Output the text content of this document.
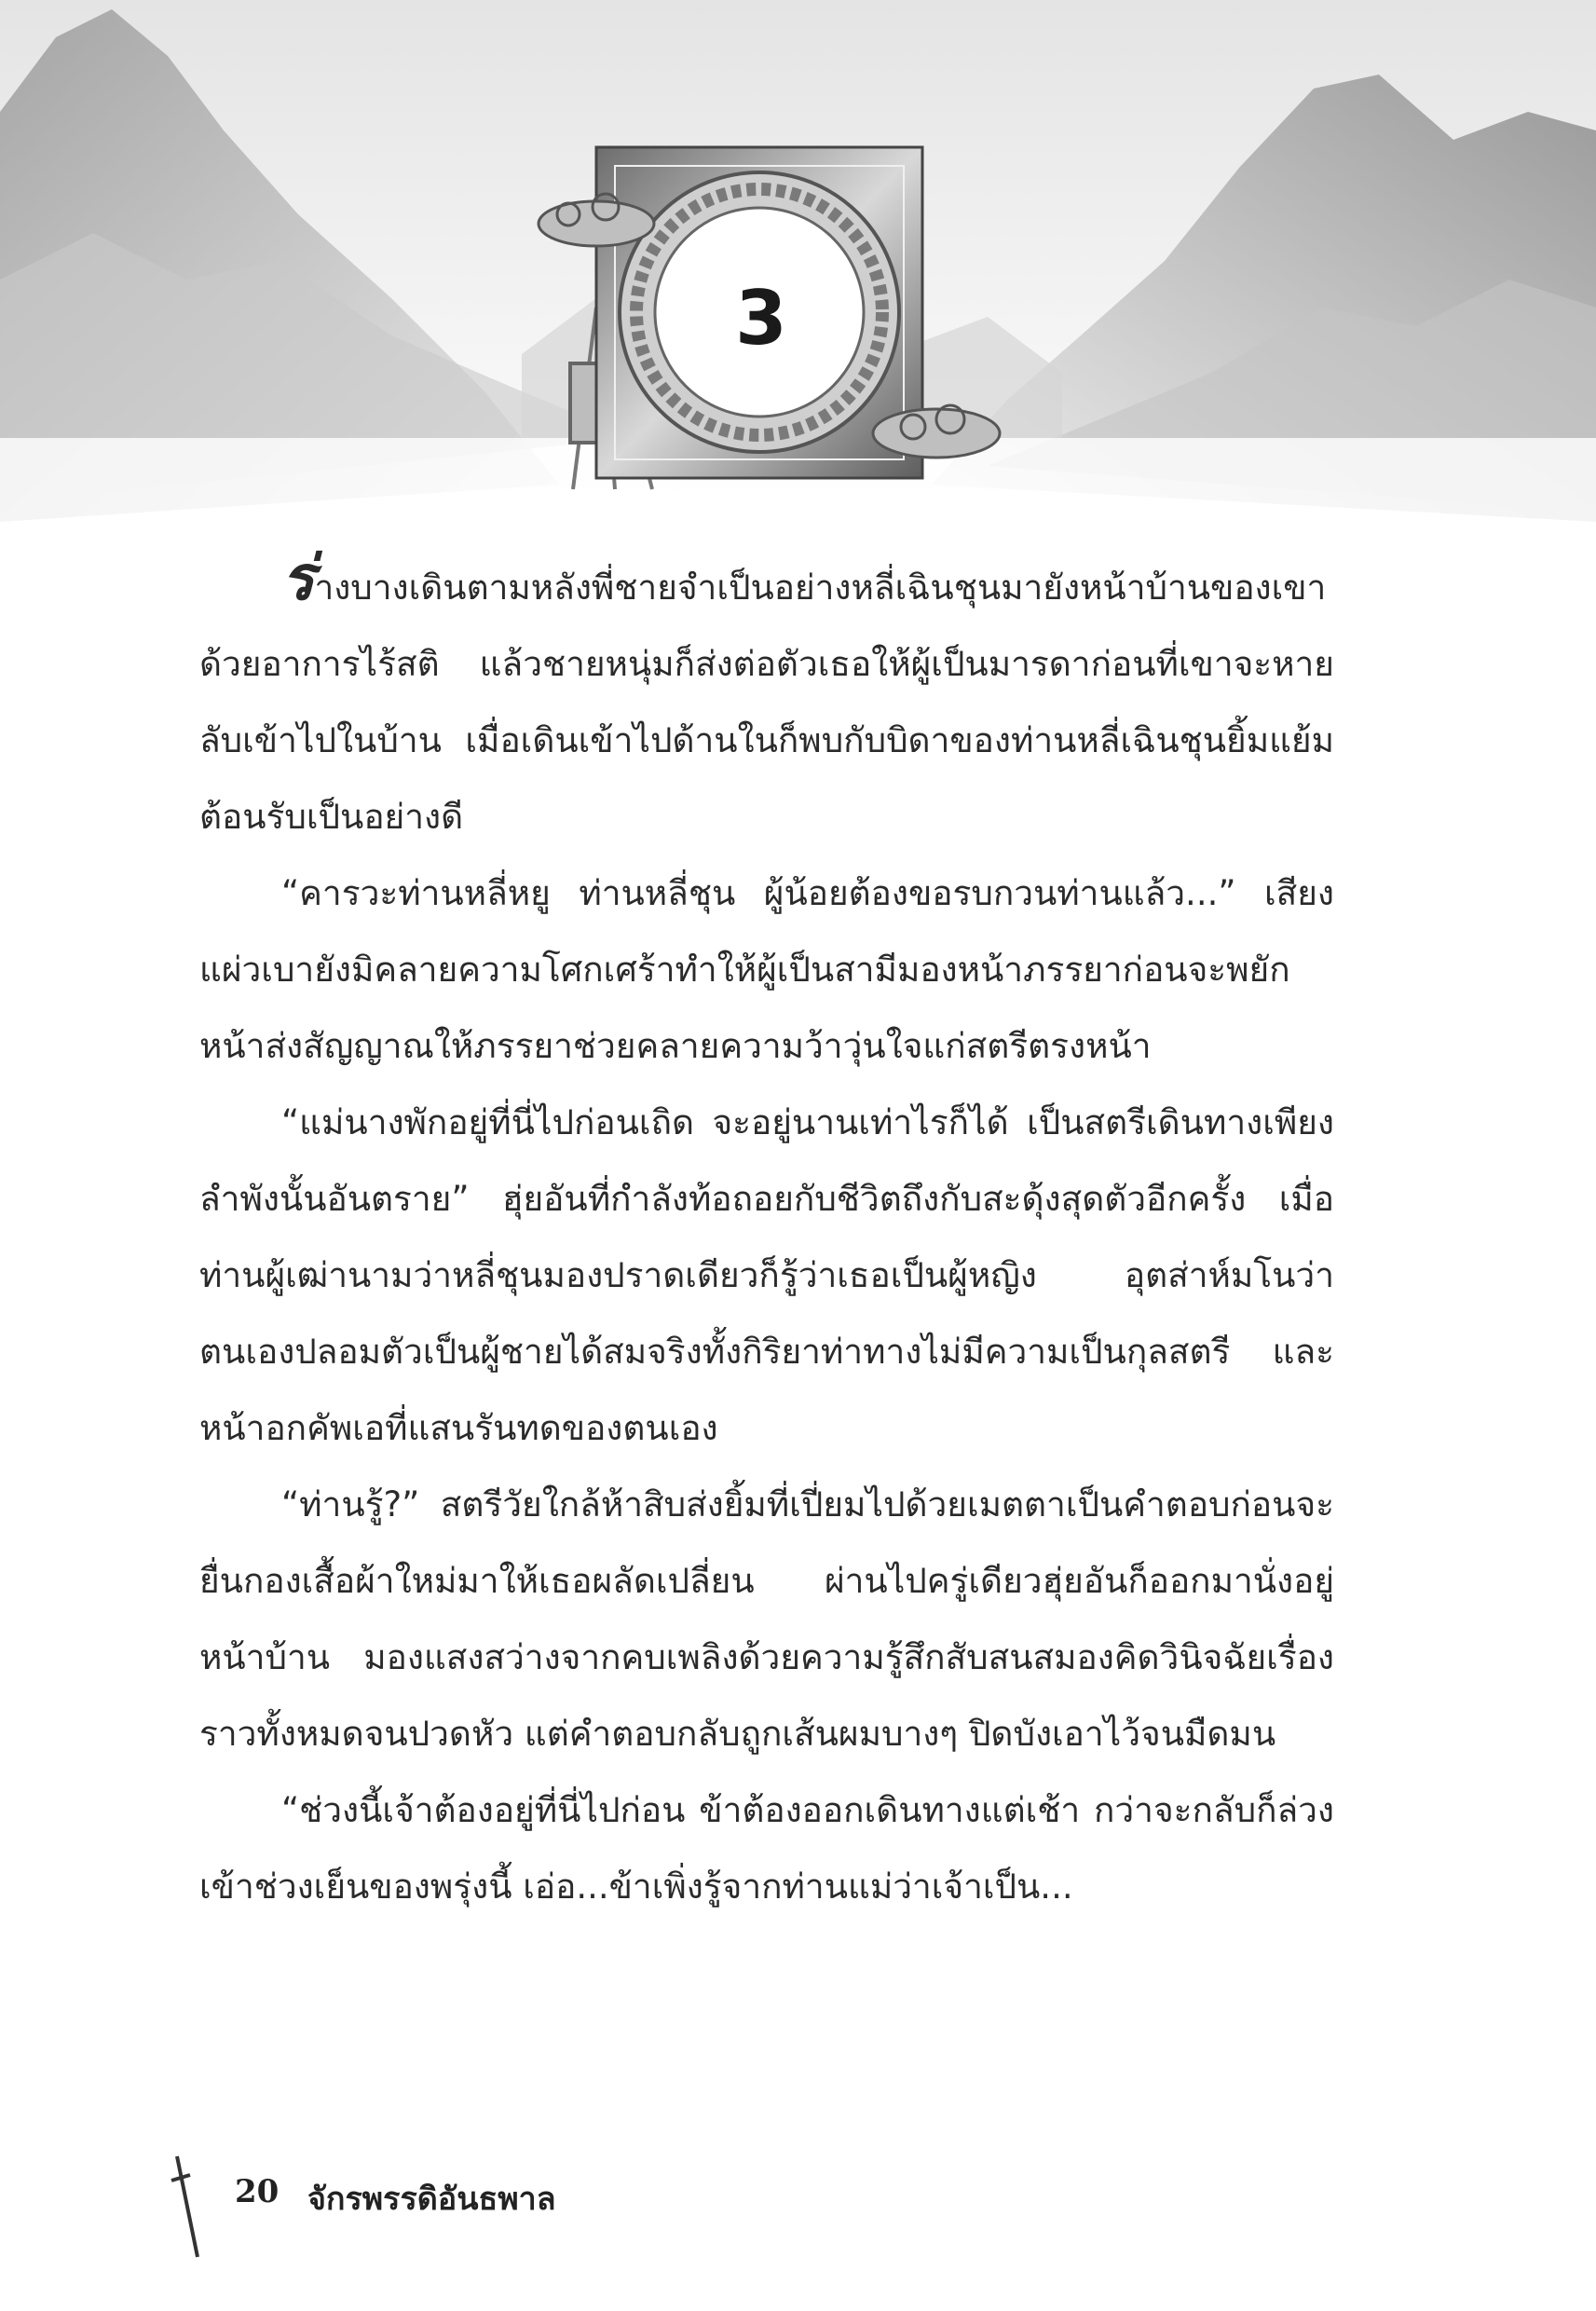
3

ร่างบางเดินตามหลังพี่ชายจำเป็นอย่างหลี่เฉินชุนมายังหน้าบ้านของเขาด้วยอาการไร้สติ แล้วชายหนุ่มก็ส่งต่อตัวเธอให้ผู้เป็นมารดาก่อนที่เขาจะหายลับเข้าไปในบ้าน เมื่อเดินเข้าไปด้านในก็พบกับบิดาของท่านหลี่เฉินชุนยิ้มแย้มต้อนรับเป็นอย่างดี

“คารวะท่านหลี่หยู ท่านหลี่ชุน ผู้น้อยต้องขอรบกวนท่านแล้ว...” เสียงแผ่วเบายังมิคลายความโศกเศร้าทำให้ผู้เป็นสามีมองหน้าภรรยาก่อนจะพยักหน้าส่งสัญญาณให้ภรรยาช่วยคลายความว้าวุ่นใจแก่สตรีตรงหน้า

“แม่นางพักอยู่ที่นี่ไปก่อนเถิด จะอยู่นานเท่าไรก็ได้ เป็นสตรีเดินทางเพียงลำพังนั้นอันตราย” ฮุ่ยอันที่กำลังท้อถอยกับชีวิตถึงกับสะดุ้งสุดตัวอีกครั้ง เมื่อท่านผู้เฒ่านามว่าหลี่ชุนมองปราดเดียวก็รู้ว่าเธอเป็นผู้หญิง อุตส่าห์มโนว่าตนเองปลอมตัวเป็นผู้ชายได้สมจริงทั้งกิริยาท่าทางไม่มีความเป็นกุลสตรี และหน้าอกคัพเอที่แสนรันทดของตนเอง

“ท่านรู้?” สตรีวัยใกล้ห้าสิบส่งยิ้มที่เปี่ยมไปด้วยเมตตาเป็นคำตอบก่อนจะยื่นกองเสื้อผ้าใหม่มาให้เธอผลัดเปลี่ยน ผ่านไปครู่เดียวฮุ่ยอันก็ออกมานั่งอยู่หน้าบ้าน มองแสงสว่างจากคบเพลิงด้วยความรู้สึกสับสนสมองคิดวินิจฉัยเรื่องราวทั้งหมดจนปวดหัว แต่คำตอบกลับถูกเส้นผมบางๆ ปิดบังเอาไว้จนมืดมน

“ช่วงนี้เจ้าต้องอยู่ที่นี่ไปก่อน ข้าต้องออกเดินทางแต่เช้า กว่าจะกลับก็ล่วงเข้าช่วงเย็นของพรุ่งนี้ เอ่อ...ข้าเพิ่งรู้จากท่านแม่ว่าเจ้าเป็น...

20 จักรพรรดิอันธพาล
